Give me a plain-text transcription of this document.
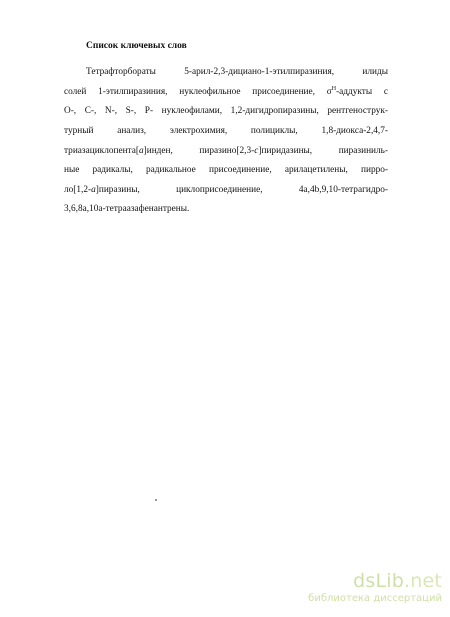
Список ключевых слов
Тетрафторбораты 5-арил-2,3-дициано-1-этилпиразиния, илиды
солей 1-этилпиразиния, нуклеофильное присоединение, $\sigma^H$-аддукты с
О-, С-, N-, S-, Р- нуклеофилами, 1,2-дигидропиразины, рентгенострук-
турный анализ, электрохимия, полициклы, 1,8-диокса-2,4,7-
триазациклопента[a]инден, пиразино[2,3-c]пиридазины, пиразиниль-
ные радикалы, радикальное присоединение, арилацетилены, пирро-
ло[1,2-a]пиразины,      циклоприсоединение,      4a,4b,9,10-тетрагидро-
3,6,8a,10a-тетраазафенантрены.
dsLib.net
библиотека диссертаций
